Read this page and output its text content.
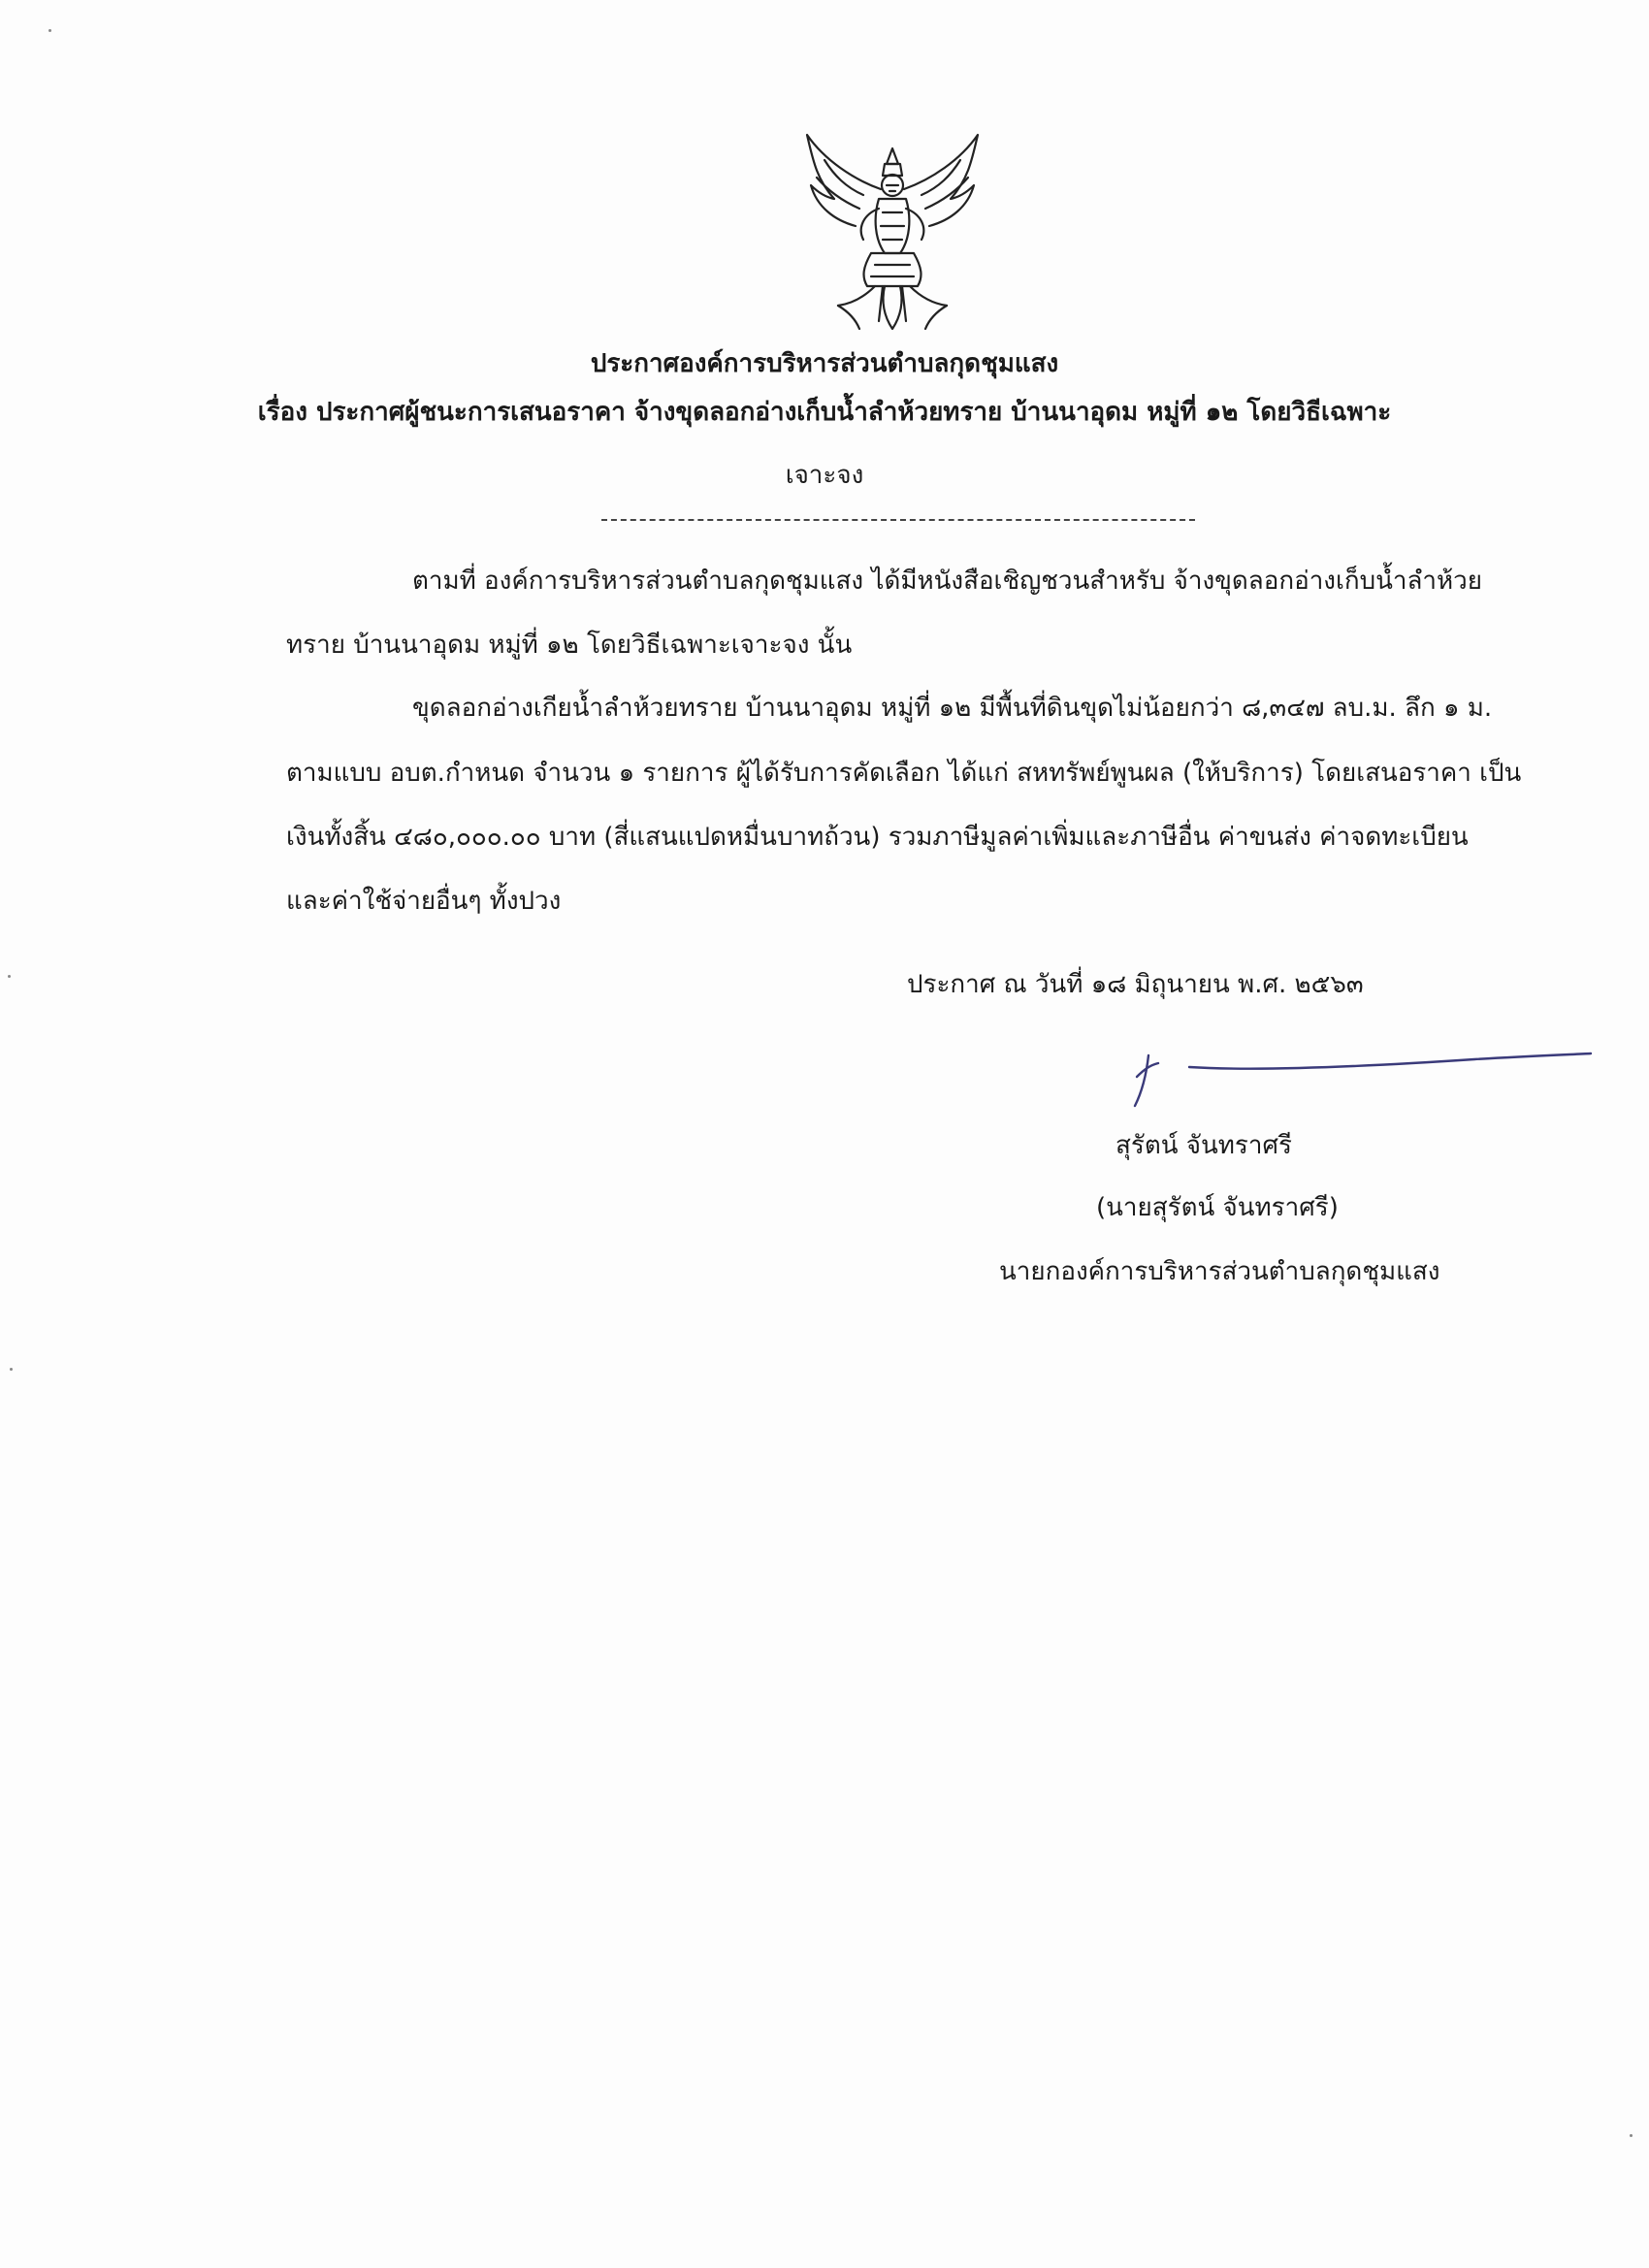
ประกาศองค์การบริหารส่วนตำบลกุดชุมแสง
เรื่อง ประกาศผู้ชนะการเสนอราคา จ้างขุดลอกอ่างเก็บน้ำลำห้วยทราย บ้านนาอุดม หมู่ที่ ๑๒ โดยวิธีเฉพาะ
เจาะจง
ตามที่ องค์การบริหารส่วนตำบลกุดชุมแสง ได้มีหนังสือเชิญชวนสำหรับ จ้างขุดลอกอ่างเก็บน้ำลำห้วย
ทราย บ้านนาอุดม หมู่ที่ ๑๒ โดยวิธีเฉพาะเจาะจง นั้น
ขุดลอกอ่างเกียน้ำลำห้วยทราย บ้านนาอุดม หมู่ที่ ๑๒ มีพื้นที่ดินขุดไม่น้อยกว่า ๘,๓๔๗ ลบ.ม. ลึก ๑ ม.
ตามแบบ อบต.กำหนด จำนวน ๑ รายการ ผู้ได้รับการคัดเลือก ได้แก่ สหทรัพย์พูนผล (ให้บริการ) โดยเสนอราคา เป็น
เงินทั้งสิ้น ๔๘๐,๐๐๐.๐๐ บาท (สี่แสนแปดหมื่นบาทถ้วน) รวมภาษีมูลค่าเพิ่มและภาษีอื่น ค่าขนส่ง ค่าจดทะเบียน
และค่าใช้จ่ายอื่นๆ ทั้งปวง
ประกาศ ณ วันที่ ๑๘ มิถุนายน พ.ศ. ๒๕๖๓
สุรัตน์ จันทราศรี
(นายสุรัตน์ จันทราศรี)
นายกองค์การบริหารส่วนตำบลกุดชุมแสง
